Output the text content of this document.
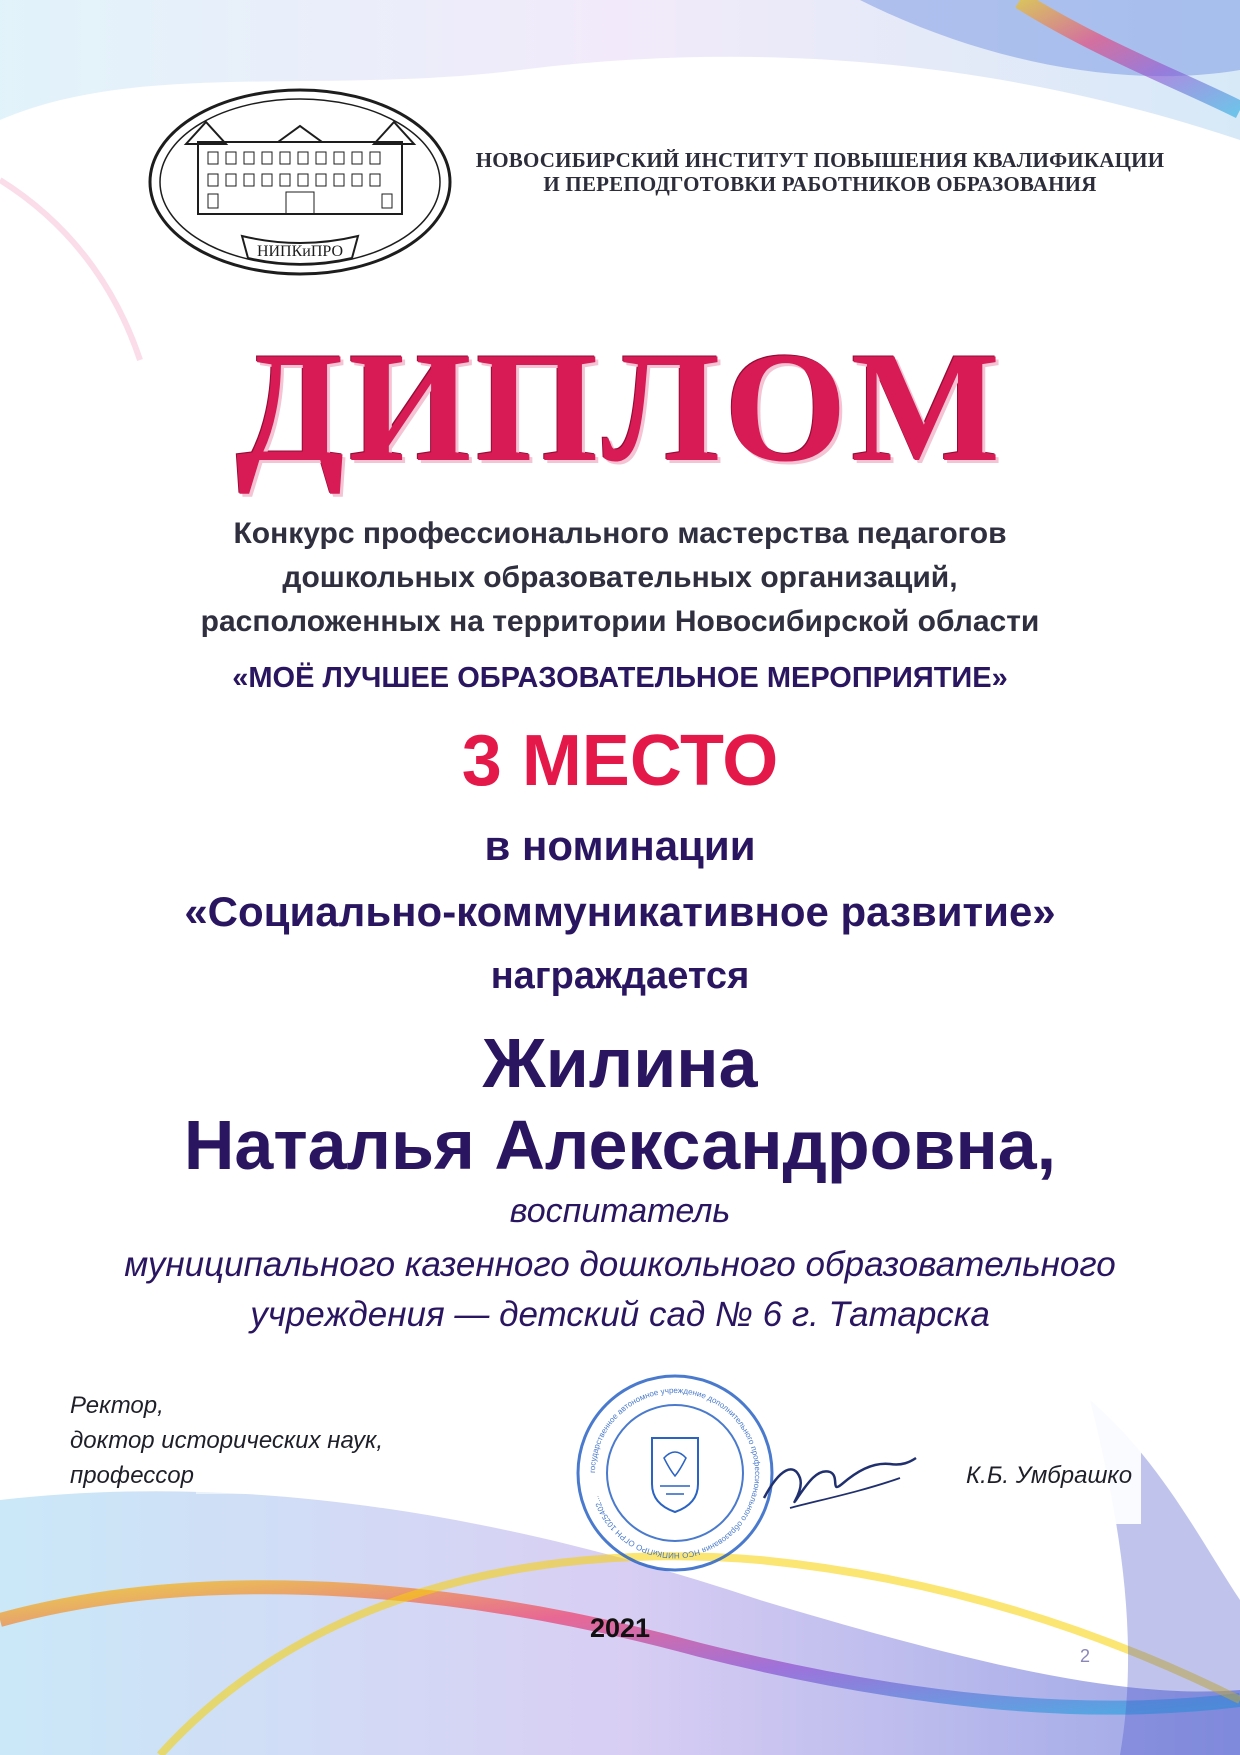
НИПКиПРО
НОВОСИБИРСКИЙ ИНСТИТУТ ПОВЫШЕНИЯ КВАЛИФИКАЦИИ
И ПЕРЕПОДГОТОВКИ РАБОТНИКОВ ОБРАЗОВАНИЯ
ДИПЛОМ
Конкурс профессионального мастерства педагогов
дошкольных образовательных организаций,
расположенных на территории Новосибирской области
«МОЁ ЛУЧШЕЕ ОБРАЗОВАТЕЛЬНОЕ МЕРОПРИЯТИЕ»
3 МЕСТО
в номинации
«Социально-коммуникативное развитие»
награждается
Жилина
Наталья Александровна,
воспитатель
муниципального казенного дошкольного образовательного
учреждения — детский сад № 6 г. Татарска
Ректор,
доктор исторических наук,
профессор	государственное автономное учреждение дополнительного профессионального образования НСО НИПКиПРО ОГРН 1025402...
К.Б. Умбрашко
2021
2
